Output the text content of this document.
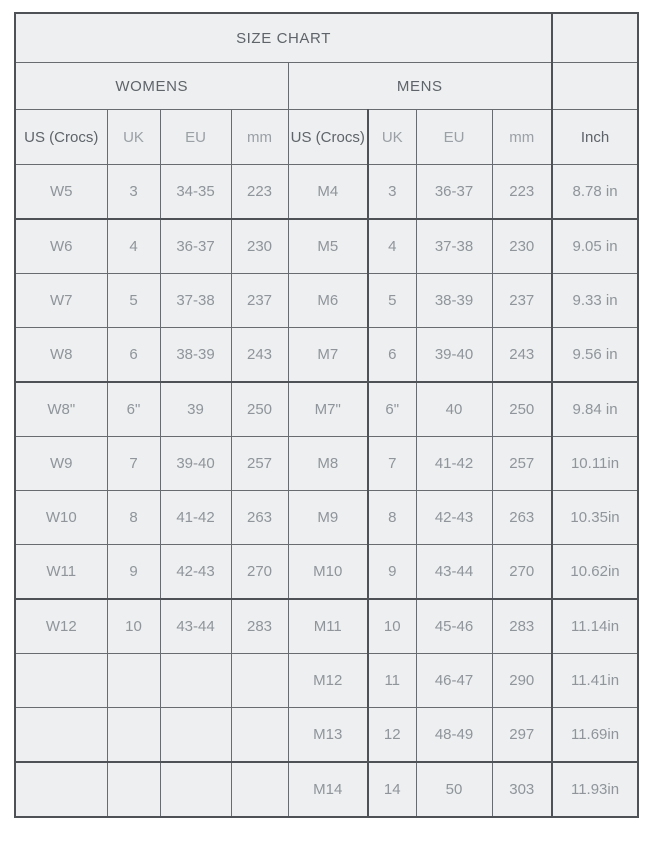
SIZE CHART								
WOMENS				MENS				
US (Crocs)	UK	EU	mm	US (Crocs)	UK	EU	mm	Inch
W5	3	34-35	223	M4	3	36-37	223	8.78 in
W6	4	36-37	230	M5	4	37-38	230	9.05 in
W7	5	37-38	237	M6	5	38-39	237	9.33 in
W8	6	38-39	243	M7	6	39-40	243	9.56 in
W8"	6"	39	250	M7"	6"	40	250	9.84 in
W9	7	39-40	257	M8	7	41-42	257	10.11in
W10	8	41-42	263	M9	8	42-43	263	10.35in
W11	9	42-43	270	M10	9	43-44	270	10.62in
W12	10	43-44	283	M11	10	45-46	283	11.14in
				M12	11	46-47	290	11.41in
				M13	12	48-49	297	11.69in
				M14	14	50	303	11.93in
